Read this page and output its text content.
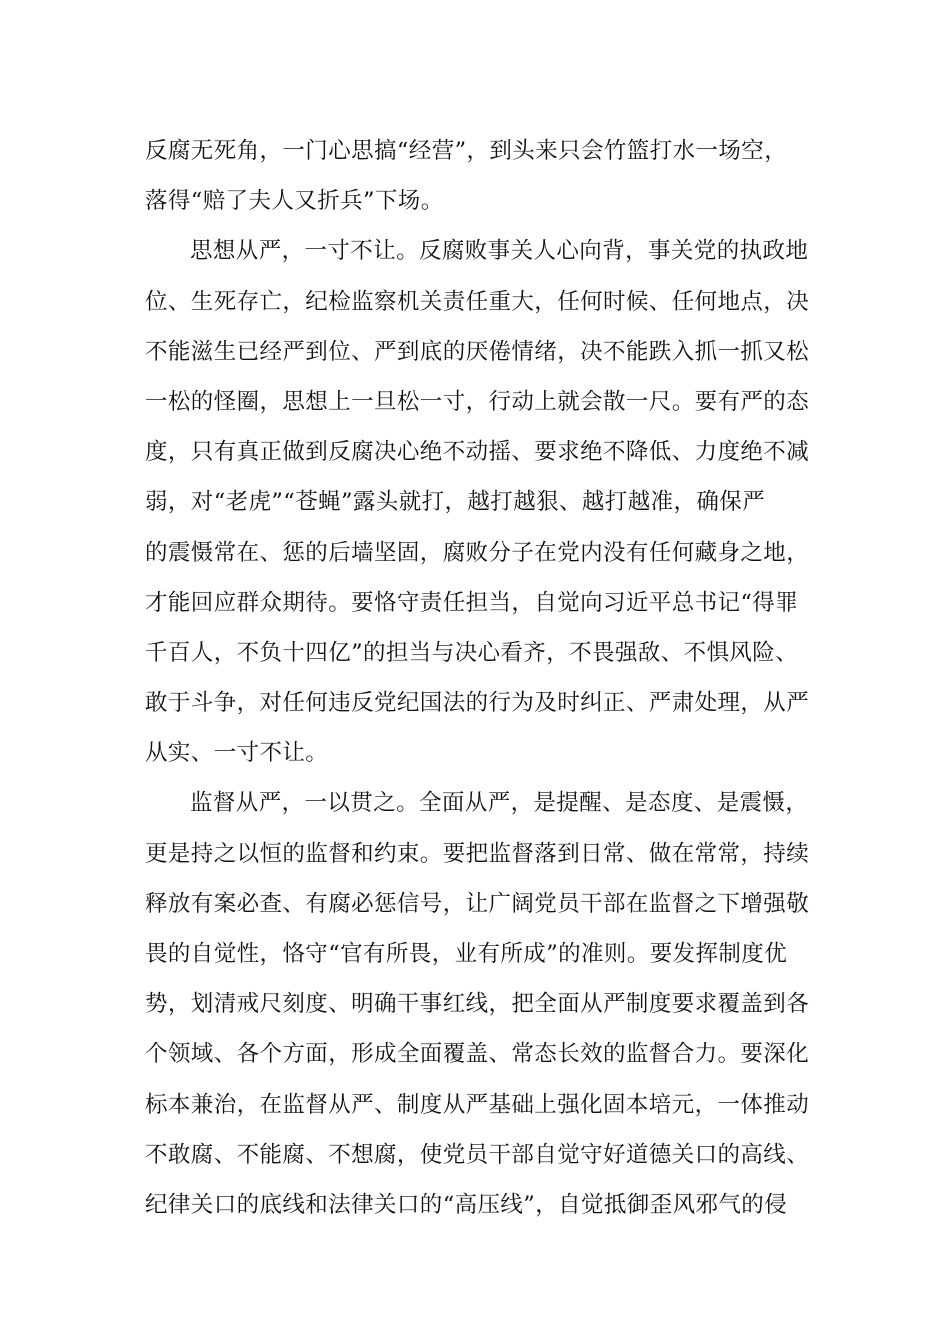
反腐无死角，一门心思搞“经营”，到头来只会竹篮打水一场空，
落得“赔了夫人又折兵”下场。
思想从严，一寸不让。反腐败事关人心向背，事关党的执政地
位、生死存亡，纪检监察机关责任重大，任何时候、任何地点，决
不能滋生已经严到位、严到底的厌倦情绪，决不能跌入抓一抓又松
一松的怪圈，思想上一旦松一寸，行动上就会散一尺。要有严的态
度，只有真正做到反腐决心绝不动摇、要求绝不降低、力度绝不减
弱，对“老虎”“苍蝇”露头就打，越打越狠、越打越准，确保严
的震慑常在、惩的后墙坚固，腐败分子在党内没有任何藏身之地，
才能回应群众期待。要恪守责任担当，自觉向习近平总书记“得罪
千百人，不负十四亿”的担当与决心看齐，不畏强敌、不惧风险、
敢于斗争，对任何违反党纪国法的行为及时纠正、严肃处理，从严
从实、一寸不让。
监督从严，一以贯之。全面从严，是提醒、是态度、是震慑，
更是持之以恒的监督和约束。要把监督落到日常、做在常常，持续
释放有案必查、有腐必惩信号，让广阔党员干部在监督之下增强敬
畏的自觉性，恪守“官有所畏，业有所成”的准则。要发挥制度优
势，划清戒尺刻度、明确干事红线，把全面从严制度要求覆盖到各
个领域、各个方面，形成全面覆盖、常态长效的监督合力。要深化
标本兼治，在监督从严、制度从严基础上强化固本培元，一体推动
不敢腐、不能腐、不想腐，使党员干部自觉守好道德关口的高线、
纪律关口的底线和法律关口的“高压线”，自觉抵御歪风邪气的侵
